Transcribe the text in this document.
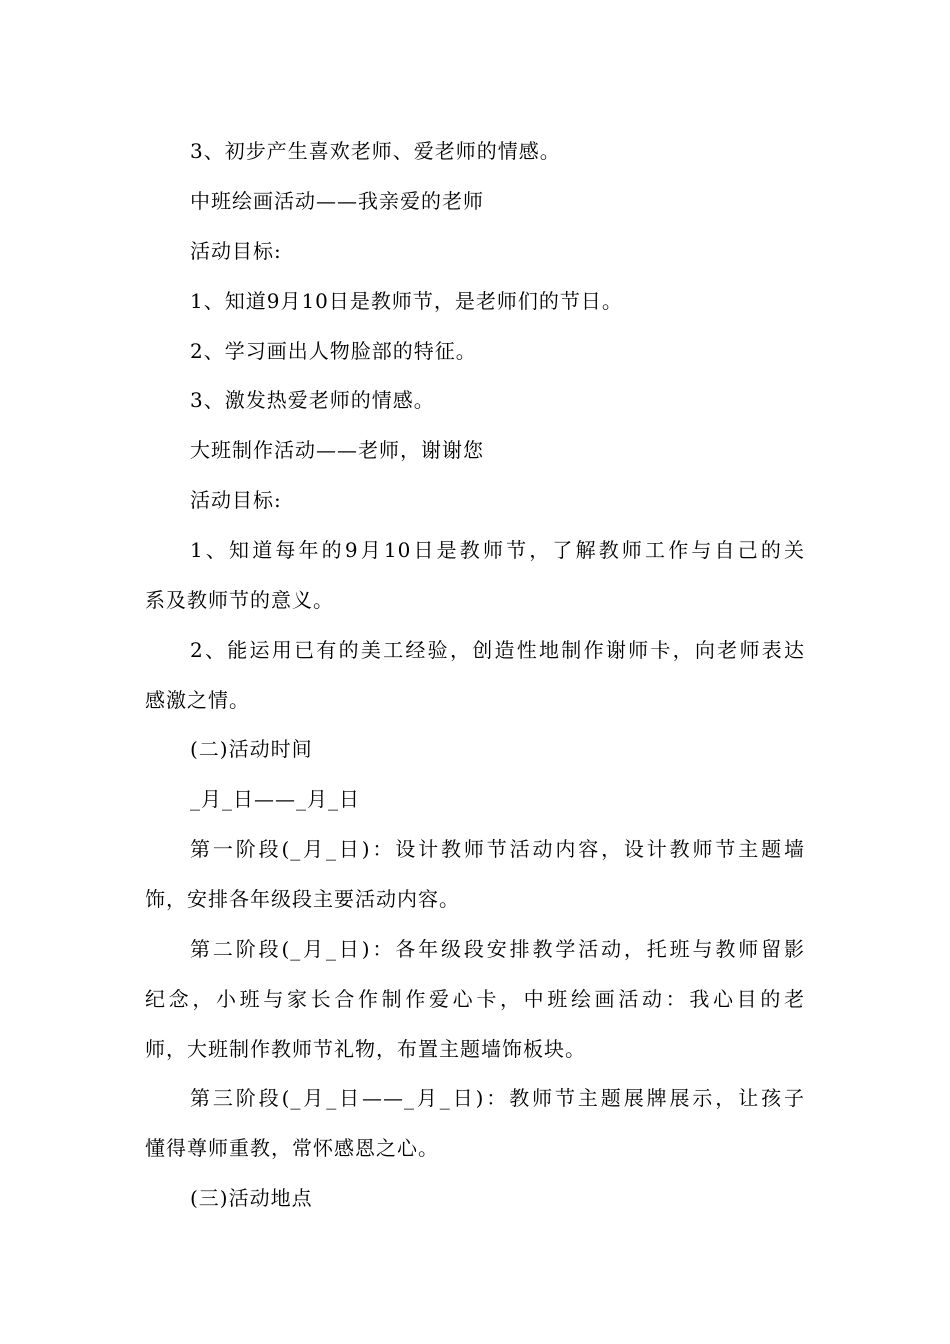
3、初步产生喜欢老师、爱老师的情感。
中班绘画活动——我亲爱的老师
活动目标:
1、知道9月10日是教师节，是老师们的节日。
2、学习画出人物脸部的特征。
3、激发热爱老师的情感。
大班制作活动——老师，谢谢您
活动目标:
1、知道每年的9月10日是教师节，了解教师工作与自己的关
系及教师节的意义。
2、能运用已有的美工经验，创造性地制作谢师卡，向老师表达
感激之情。
(二)活动时间
_月_日——_月_日
第一阶段(_月_日)：设计教师节活动内容，设计教师节主题墙
饰，安排各年级段主要活动内容。
第二阶段(_月_日)：各年级段安排教学活动，托班与教师留影
纪念，小班与家长合作制作爱心卡，中班绘画活动：我心目的老
师，大班制作教师节礼物，布置主题墙饰板块。
第三阶段(_月_日——_月_日)：教师节主题展牌展示，让孩子
懂得尊师重教，常怀感恩之心。
(三)活动地点
